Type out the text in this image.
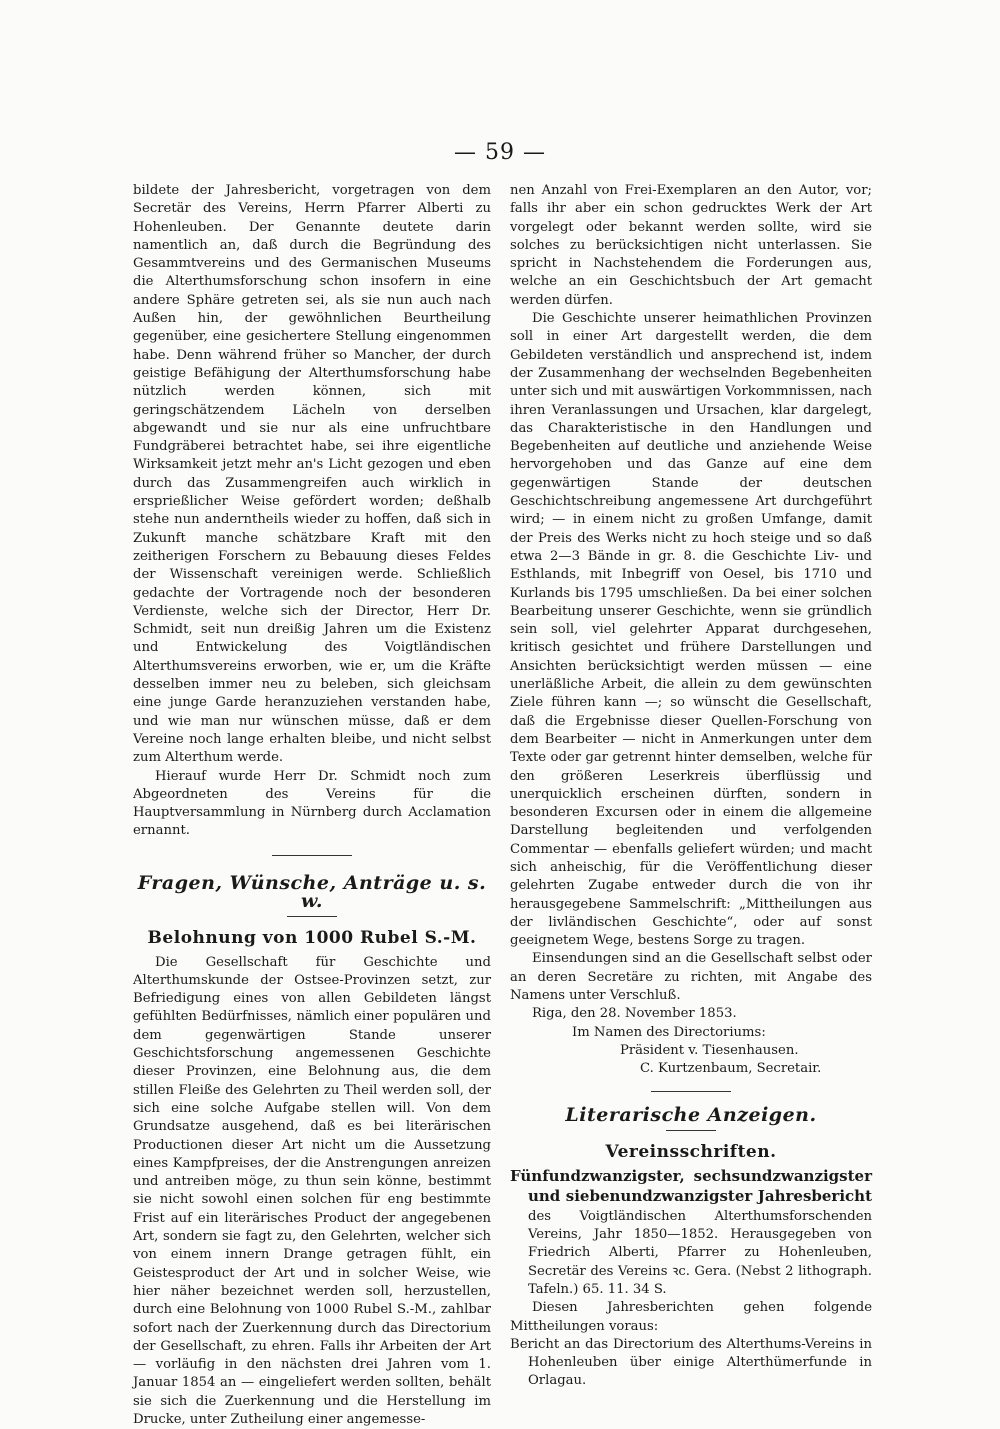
— 59 —

bildete der Jahresbericht, vorgetragen von dem Secretär des Vereins, Herrn Pfarrer Alberti zu Hohenleuben. Der Genannte deutete darin namentlich an, daß durch die Begründung des Gesammtvereins und des Germanischen Museums die Alterthumsforschung schon insofern in eine andere Sphäre getreten sei, als sie nun auch nach Außen hin, der gewöhnlichen Beurtheilung gegenüber, eine gesichertere Stellung eingenommen habe. Denn während früher so Mancher, der durch geistige Befähigung der Alterthumsforschung habe nützlich werden können, sich mit geringschätzendem Lächeln von derselben abgewandt und sie nur als eine unfruchtbare Fundgräberei betrachtet habe, sei ihre eigentliche Wirksamkeit jetzt mehr an's Licht gezogen und eben durch das Zusammengreifen auch wirklich in ersprießlicher Weise gefördert worden; deßhalb stehe nun anderntheils wieder zu hoffen, daß sich in Zukunft manche schätzbare Kraft mit den zeitherigen Forschern zu Bebauung dieses Feldes der Wissenschaft vereinigen werde. Schließlich gedachte der Vortragende noch der besonderen Verdienste, welche sich der Director, Herr Dr. Schmidt, seit nun dreißig Jahren um die Existenz und Entwickelung des Voigtländischen Alterthumsvereins erworben, wie er, um die Kräfte desselben immer neu zu beleben, sich gleichsam eine junge Garde heranzuziehen verstanden habe, und wie man nur wünschen müsse, daß er dem Vereine noch lange erhalten bleibe, und nicht selbst zum Alterthum werde.

Hierauf wurde Herr Dr. Schmidt noch zum Abgeordneten des Vereins für die Hauptversammlung in Nürnberg durch Acclamation ernannt.

Fragen, Wünsche, Anträge u. s. w.
Belohnung von 1000 Rubel S.-M.

Die Gesellschaft für Geschichte und Alterthumskunde der Ostsee-Provinzen setzt, zur Befriedigung eines von allen Gebildeten längst gefühlten Bedürfnisses, nämlich einer populären und dem gegenwärtigen Stande unserer Geschichtsforschung angemessenen Geschichte dieser Provinzen, eine Belohnung aus, die dem stillen Fleiße des Gelehrten zu Theil werden soll, der sich eine solche Aufgabe stellen will. Von dem Grundsatze ausgehend, daß es bei literärischen Productionen dieser Art nicht um die Aussetzung eines Kampfpreises, der die Anstrengungen anreizen und antreiben möge, zu thun sein könne, bestimmt sie nicht sowohl einen solchen für eng bestimmte Frist auf ein literärisches Product der angegebenen Art, sondern sie fagt zu, den Gelehrten, welcher sich von einem innern Drange getragen fühlt, ein Geistesproduct der Art und in solcher Weise, wie hier näher bezeichnet werden soll, herzustellen, durch eine Belohnung von 1000 Rubel S.-M., zahlbar sofort nach der Zuerkennung durch das Directorium der Gesellschaft, zu ehren. Falls ihr Arbeiten der Art — vorläufig in den nächsten drei Jahren vom 1. Januar 1854 an — eingeliefert werden sollten, behält sie sich die Zuerkennung und die Herstellung im Drucke, unter Zutheilung einer angemesse-

nen Anzahl von Frei-Exemplaren an den Autor, vor; falls ihr aber ein schon gedrucktes Werk der Art vorgelegt oder bekannt werden sollte, wird sie solches zu berücksichtigen nicht unterlassen. Sie spricht in Nachstehendem die Forderungen aus, welche an ein Geschichtsbuch der Art gemacht werden dürfen.

Die Geschichte unserer heimathlichen Provinzen soll in einer Art dargestellt werden, die dem Gebildeten verständlich und ansprechend ist, indem der Zusammenhang der wechselnden Begebenheiten unter sich und mit auswärtigen Vorkommnissen, nach ihren Veranlassungen und Ursachen, klar dargelegt, das Charakteristische in den Handlungen und Begebenheiten auf deutliche und anziehende Weise hervorgehoben und das Ganze auf eine dem gegenwärtigen Stande der deutschen Geschichtschreibung angemessene Art durchgeführt wird; — in einem nicht zu großen Umfange, damit der Preis des Werks nicht zu hoch steige und so daß etwa 2—3 Bände in gr. 8. die Geschichte Liv- und Esthlands, mit Inbegriff von Oesel, bis 1710 und Kurlands bis 1795 umschließen. Da bei einer solchen Bearbeitung unserer Geschichte, wenn sie gründlich sein soll, viel gelehrter Apparat durchgesehen, kritisch gesichtet und frühere Darstellungen und Ansichten berücksichtigt werden müssen — eine unerläßliche Arbeit, die allein zu dem gewünschten Ziele führen kann —; so wünscht die Gesellschaft, daß die Ergebnisse dieser Quellen-Forschung von dem Bearbeiter — nicht in Anmerkungen unter dem Texte oder gar getrennt hinter demselben, welche für den größeren Leserkreis überflüssig und unerquicklich erscheinen dürften, sondern in besonderen Excursen oder in einem die allgemeine Darstellung begleitenden und verfolgenden Commentar — ebenfalls geliefert würden; und macht sich anheischig, für die Veröffentlichung dieser gelehrten Zugabe entweder durch die von ihr herausgegebene Sammelschrift: „Mittheilungen aus der livländischen Geschichte“, oder auf sonst geeignetem Wege, bestens Sorge zu tragen.

Einsendungen sind an die Gesellschaft selbst oder an deren Secretäre zu richten, mit Angabe des Namens unter Verschluß.

Riga, den 28. November 1853.

Im Namen des Directoriums:

Präsident v. Tiesenhausen.

C. Kurtzenbaum, Secretair.

Literarische Anzeigen.
Vereinsschriften.

Fünfundzwanzigster, sechsundzwanzigster und siebenundzwanzigster Jahresbericht des Voigtländischen Alterthumsforschenden Vereins, Jahr 1850—1852. Herausgegeben von Friedrich Alberti, Pfarrer zu Hohenleuben, Secretär des Vereins ꝛc. Gera. (Nebst 2 lithograph. Tafeln.) 65. 11. 34 S.

Diesen Jahresberichten gehen folgende Mittheilungen voraus:

Bericht an das Directorium des Alterthums-Vereins in Hohenleuben über einige Alterthümerfunde in Orlagau.
